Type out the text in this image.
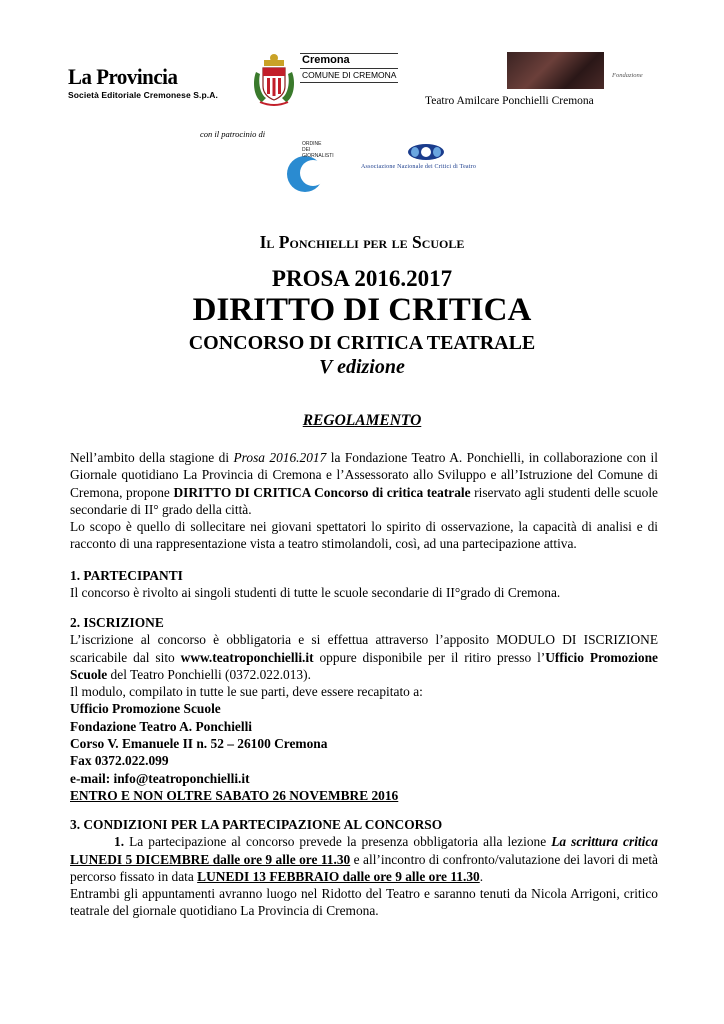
La Provincia
Società Editoriale Cremonese S.p.A.
Cremona
COMUNE DI CREMONA	Fondazione
Teatro Amilcare Ponchielli Cremona
con il patrocinio di
ORDINE
DEI
GIORNALISTI
Associazione Nazionale dei Critici di Teatro
Il Ponchielli per le Scuole
PROSA 2016.2017
DIRITTO DI CRITICA
CONCORSO DI CRITICA TEATRALE
V edizione
REGOLAMENTO

Nell’ambito della stagione di Prosa 2016.2017 la Fondazione Teatro A. Ponchielli, in collaborazione con il Giornale quotidiano La Provincia di Cremona e l’Assessorato allo Sviluppo e all’Istruzione del Comune di Cremona, propone DIRITTO DI CRITICA Concorso di critica teatrale riservato agli studenti delle scuole secondarie di II° grado della città.

Lo scopo è quello di sollecitare nei giovani spettatori lo spirito di osservazione, la capacità di analisi e di racconto di una rappresentazione vista a teatro stimolandoli, così, ad una partecipazione attiva.

1. PARTECIPANTI

Il concorso è rivolto ai singoli studenti di tutte le scuole secondarie di II°grado di Cremona.

2. ISCRIZIONE

L’iscrizione al concorso è obbligatoria e si effettua attraverso l’apposito MODULO DI ISCRIZIONE scaricabile dal sito www.teatroponchielli.it oppure disponibile per il ritiro presso l’Ufficio Promozione Scuole del Teatro Ponchielli (0372.022.013).

Il modulo, compilato in tutte le sue parti, deve essere recapitato a:

Ufficio Promozione Scuole

Fondazione Teatro A. Ponchielli

Corso V. Emanuele II n. 52 – 26100 Cremona

Fax 0372.022.099

e-mail: info@teatroponchielli.it

ENTRO E NON OLTRE SABATO 26 NOVEMBRE 2016

3. CONDIZIONI PER LA PARTECIPAZIONE AL CONCORSO

1. La partecipazione al concorso prevede la presenza obbligatoria alla lezione La scrittura critica LUNEDI 5 DICEMBRE dalle ore 9 alle ore 11.30 e all’incontro di confronto/valutazione dei lavori di metà percorso fissato in data LUNEDI 13 FEBBRAIO dalle ore 9 alle ore 11.30.

Entrambi gli appuntamenti avranno luogo nel Ridotto del Teatro e saranno tenuti da Nicola Arrigoni, critico teatrale del giornale quotidiano La Provincia di Cremona.
